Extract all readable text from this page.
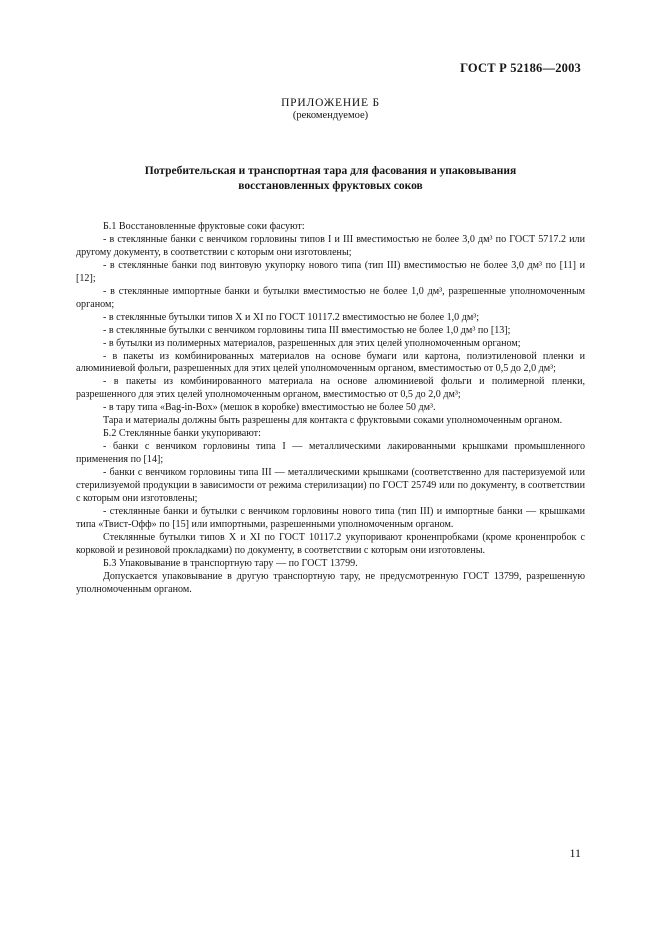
ГОСТ Р 52186—2003
ПРИЛОЖЕНИЕ Б
(рекомендуемое)
Потребительская и транспортная тара для фасования и упаковывания
восстановленных фруктовых соков

Б.1 Восстановленные фруктовые соки фасуют:

- в стеклянные банки с венчиком горловины типов I и III вместимостью не более 3,0 дм³ по ГОСТ 5717.2 или другому документу, в соответствии с которым они изготовлены;

- в стеклянные банки под винтовую укупорку нового типа (тип III) вместимостью не более 3,0 дм³ по [11] и [12];

- в стеклянные импортные банки и бутылки вместимостью не более 1,0 дм³, разрешенные уполномоченным органом;

- в стеклянные бутылки типов X и XI по ГОСТ 10117.2 вместимостью не более 1,0 дм³;

- в стеклянные бутылки с венчиком горловины типа III вместимостью не более 1,0 дм³ по [13];

- в бутылки из полимерных материалов, разрешенных для этих целей уполномоченным органом;

- в пакеты из комбинированных материалов на основе бумаги или картона, полиэтиленовой пленки и алюминиевой фольги, разрешенных для этих целей уполномоченным органом, вместимостью от 0,5 до 2,0 дм³;

- в пакеты из комбинированного материала на основе алюминиевой фольги и полимерной пленки, разрешенного для этих целей уполномоченным органом, вместимостью от 0,5 до 2,0 дм³;

- в тару типа «Bag-in-Box» (мешок в коробке) вместимостью не более 50 дм³.

Тара и материалы должны быть разрешены для контакта с фруктовыми соками уполномоченным органом.

Б.2 Стеклянные банки укупоривают:

- банки с венчиком горловины типа I — металлическими лакированными крышками промышленного применения по [14];

- банки с венчиком горловины типа III — металлическими крышками (соответственно для пастеризуемой или стерилизуемой продукции в зависимости от режима стерилизации) по ГОСТ 25749 или по документу, в соответствии с которым они изготовлены;

- стеклянные банки и бутылки с венчиком горловины нового типа (тип III) и импортные банки — крышками типа «Твист-Офф» по [15] или импортными, разрешенными уполномоченным органом.

Стеклянные бутылки типов X и XI по ГОСТ 10117.2 укупоривают кроненпробками (кроме кроненпробок с корковой и резиновой прокладками) по документу, в соответствии с которым они изготовлены.

Б.3 Упаковывание в транспортную тару — по ГОСТ 13799.

Допускается упаковывание в другую транспортную тару, не предусмотренную ГОСТ 13799, разрешенную уполномоченным органом.

11
